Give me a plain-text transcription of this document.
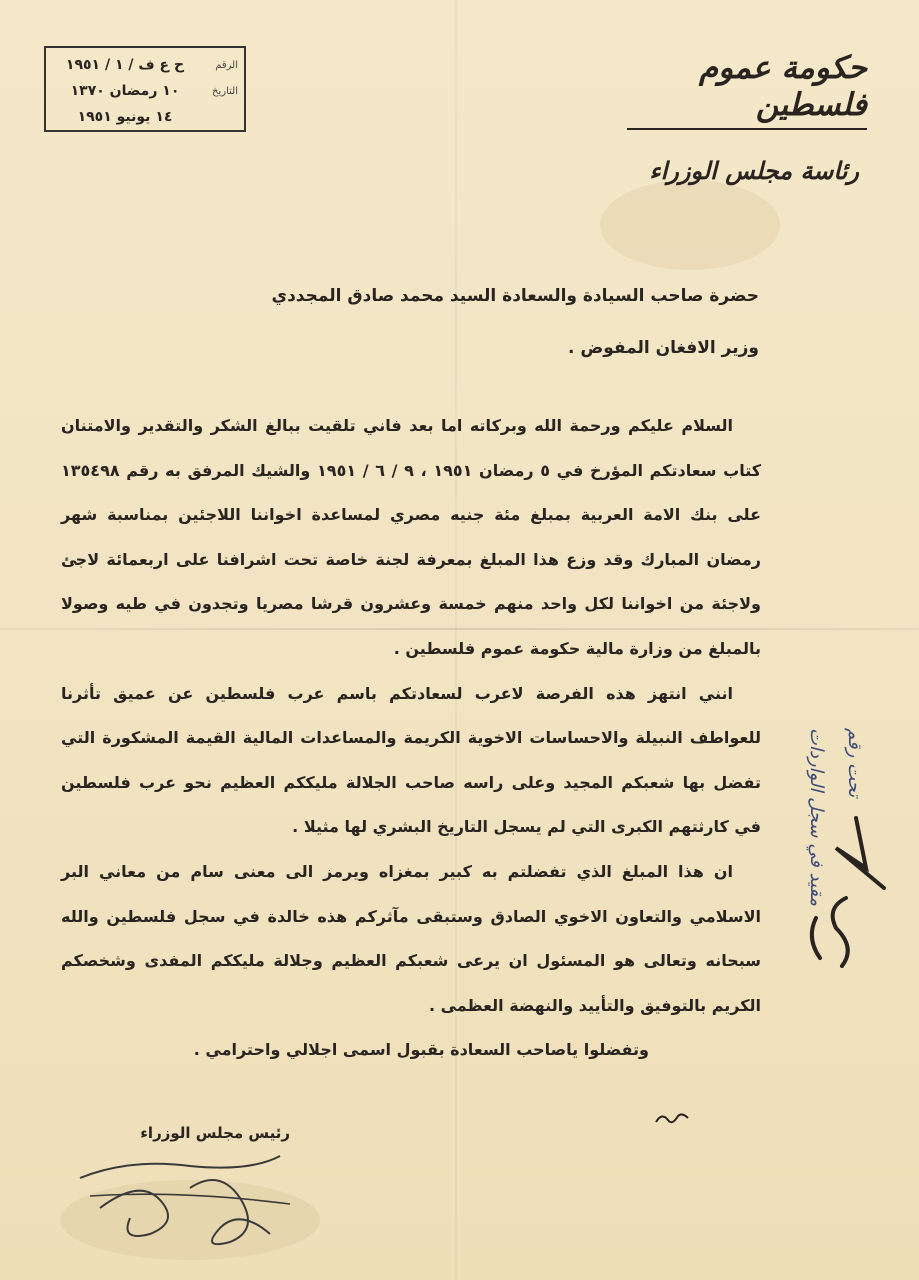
الرقم
ح ع ف / ١ / ١٩٥١
التاريخ
١٠ رمضان ١٣٧٠
١٤ يونيو ١٩٥١
حكومة عموم فلسطين
رئاسة مجلس الوزراء
حضرة صاحب السيادة والسعادة السيد محمد صادق المجددي
وزير الافغان المفوض .

السلام عليكم ورحمة الله وبركاته اما بعد فاني تلقيت ببالغ الشكر والتقدير والامتنان كتاب سعادتكم المؤرخ في ٥ رمضان ١٩٥١ ، ٩ / ٦ / ١٩٥١ والشيك المرفق به رقم ١٣٥٤٩٨ على بنك الامة العربية بمبلغ مئة جنيه مصري لمساعدة اخواننا اللاجئين بمناسبة شهر رمضان المبارك وقد وزع هذا المبلغ بمعرفة لجنة خاصة تحت اشرافنا على اربعمائة لاجئ ولاجئة من اخواننا لكل واحد منهم خمسة وعشرون قرشا مصريا وتجدون في طيه وصولا بالمبلغ من وزارة مالية حكومة عموم فلسطين .

انني انتهز هذه الفرصة لاعرب لسعادتكم باسم عرب فلسطين عن عميق تأثرنا للعواطف النبيلة والاحساسات الاخوية الكريمة والمساعدات المالية القيمة المشكورة التي تفضل بها شعبكم المجيد وعلى راسه صاحب الجلالة مليككم العظيم نحو عرب فلسطين في كارثتهم الكبرى التي لم يسجل التاريخ البشري لها مثيلا .

ان هذا المبلغ الذي تفضلتم به كبير بمغزاه ويرمز الى معنى سام من معاني البر الاسلامي والتعاون الاخوي الصادق وستبقى مآثركم هذه خالدة في سجل فلسطين والله سبحانه وتعالى هو المسئول ان يرعى شعبكم العظيم وجلالة مليككم المفدى وشخصكم الكريم بالتوفيق والتأييد والنهضة العظمى .

وتفضلوا ياصاحب السعادة بقبول اسمى اجلالي واحترامي .
مقيد في سجل الواردات تحت رقم
رئيس مجلس الوزراء
